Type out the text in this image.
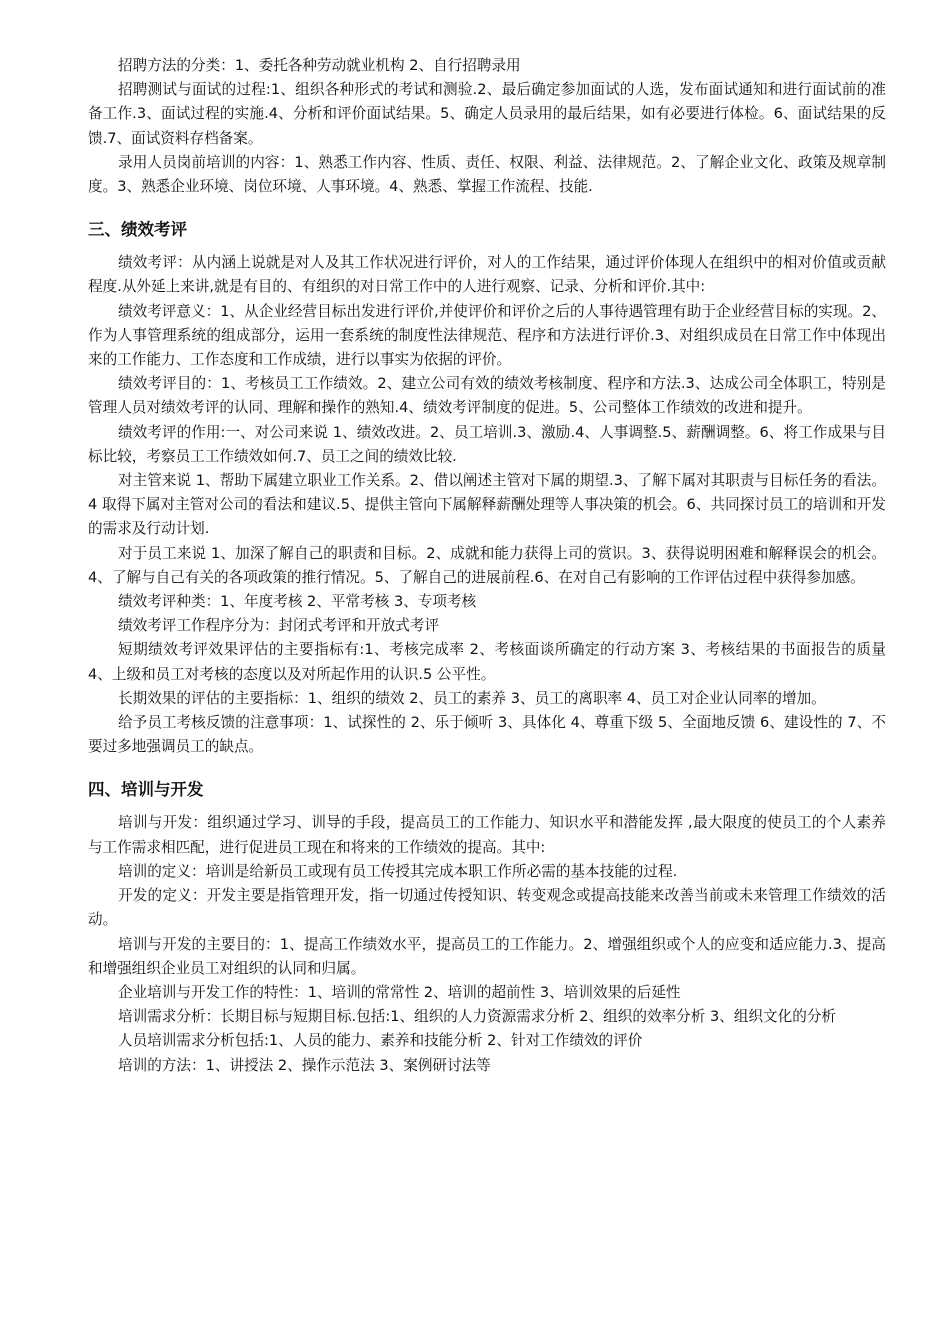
招聘方法的分类：1、委托各种劳动就业机构 2、自行招聘录用

招聘测试与面试的过程:1、组织各种形式的考试和测验.2、最后确定参加面试的人选，发布面试通知和进行面试前的准备工作.3、面试过程的实施.4、分析和评价面试结果。5、确定人员录用的最后结果，如有必要进行体检。6、面试结果的反馈.7、面试资料存档备案。

录用人员岗前培训的内容：1、熟悉工作内容、性质、责任、权限、利益、法律规范。2、了解企业文化、政策及规章制度。3、熟悉企业环境、岗位环境、人事环境。4、熟悉、掌握工作流程、技能.

三、绩效考评

绩效考评：从内涵上说就是对人及其工作状况进行评价，对人的工作结果，通过评价体现人在组织中的相对价值或贡献程度.从外延上来讲,就是有目的、有组织的对日常工作中的人进行观察、记录、分析和评价.其中:

绩效考评意义：1、从企业经营目标出发进行评价,并使评价和评价之后的人事待遇管理有助于企业经营目标的实现。2、作为人事管理系统的组成部分，运用一套系统的制度性法律规范、程序和方法进行评价.3、对组织成员在日常工作中体现出来的工作能力、工作态度和工作成绩，进行以事实为依据的评价。

绩效考评目的：1、考核员工工作绩效。2、建立公司有效的绩效考核制度、程序和方法.3、达成公司全体职工，特别是管理人员对绩效考评的认同、理解和操作的熟知.4、绩效考评制度的促进。5、公司整体工作绩效的改进和提升。

绩效考评的作用:一、对公司来说 1、绩效改进。2、员工培训.3、激励.4、人事调整.5、薪酬调整。6、将工作成果与目标比较，考察员工工作绩效如何.7、员工之间的绩效比较.

对主管来说 1、帮助下属建立职业工作关系。2、借以阐述主管对下属的期望.3、了解下属对其职责与目标任务的看法。4 取得下属对主管对公司的看法和建议.5、提供主管向下属解释薪酬处理等人事决策的机会。6、共同探讨员工的培训和开发的需求及行动计划.

对于员工来说 1、加深了解自己的职责和目标。2、成就和能力获得上司的赏识。3、获得说明困难和解释误会的机会。4、了解与自己有关的各项政策的推行情况。5、了解自己的进展前程.6、在对自己有影响的工作评估过程中获得参加感。

绩效考评种类：1、年度考核 2、平常考核 3、专项考核

绩效考评工作程序分为：封闭式考评和开放式考评

短期绩效考评效果评估的主要指标有:1、考核完成率 2、考核面谈所确定的行动方案 3、考核结果的书面报告的质量 4、上级和员工对考核的态度以及对所起作用的认识.5 公平性。

长期效果的评估的主要指标：1、组织的绩效 2、员工的素养 3、员工的离职率 4、员工对企业认同率的增加。

给予员工考核反馈的注意事项：1、试探性的 2、乐于倾听 3、具体化 4、尊重下级 5、全面地反馈 6、建设性的 7、不要过多地强调员工的缺点。

四、培训与开发

培训与开发：组织通过学习、训导的手段，提高员工的工作能力、知识水平和潜能发挥 ,最大限度的使员工的个人素养与工作需求相匹配，进行促进员工现在和将来的工作绩效的提高。其中:

培训的定义：培训是给新员工或现有员工传授其完成本职工作所必需的基本技能的过程.

开发的定义：开发主要是指管理开发，指一切通过传授知识、转变观念或提高技能来改善当前或未来管理工作绩效的活动。

培训与开发的主要目的：1、提高工作绩效水平，提高员工的工作能力。2、增强组织或个人的应变和适应能力.3、提高和增强组织企业员工对组织的认同和归属。

企业培训与开发工作的特性：1、培训的常常性 2、培训的超前性 3、培训效果的后延性

培训需求分析：长期目标与短期目标.包括:1、组织的人力资源需求分析 2、组织的效率分析 3、组织文化的分析

人员培训需求分析包括:1、人员的能力、素养和技能分析 2、针对工作绩效的评价

培训的方法：1、讲授法 2、操作示范法 3、案例研讨法等
